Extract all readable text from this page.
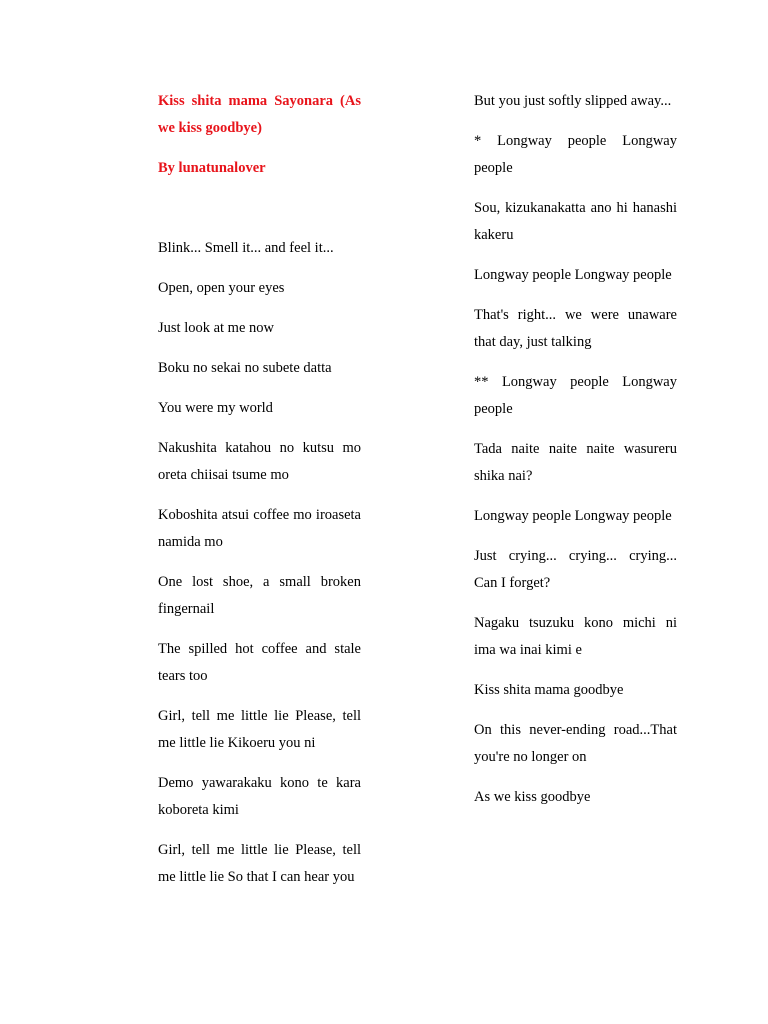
Kiss shita mama Sayonara (As we kiss goodbye)

By lunatunalover

Blink... Smell it... and feel it...

Open, open your eyes

Just look at me now

Boku no sekai no subete datta

You were my world

Nakushita katahou no kutsu mo oreta chiisai tsume mo

Koboshita atsui coffee mo iroaseta namida mo

One lost shoe, a small broken fingernail

The spilled hot coffee and stale tears too

Girl, tell me little lie Please, tell me little lie Kikoeru you ni

Demo yawarakaku kono te kara koboreta kimi

Girl, tell me little lie Please, tell me little lie So that I can hear you

But you just softly slipped away...

* Longway people Longway people

Sou, kizukanakatta ano hi hanashi kakeru

Longway people Longway people

That's right... we were unaware that day, just talking

** Longway people Longway people

Tada naite naite naite wasureru shika nai?

Longway people Longway people

Just crying... crying... crying... Can I forget?

Nagaku tsuzuku kono michi ni ima wa inai kimi e

Kiss shita mama goodbye

On this never-ending road...That you're no longer on

As we kiss goodbye
